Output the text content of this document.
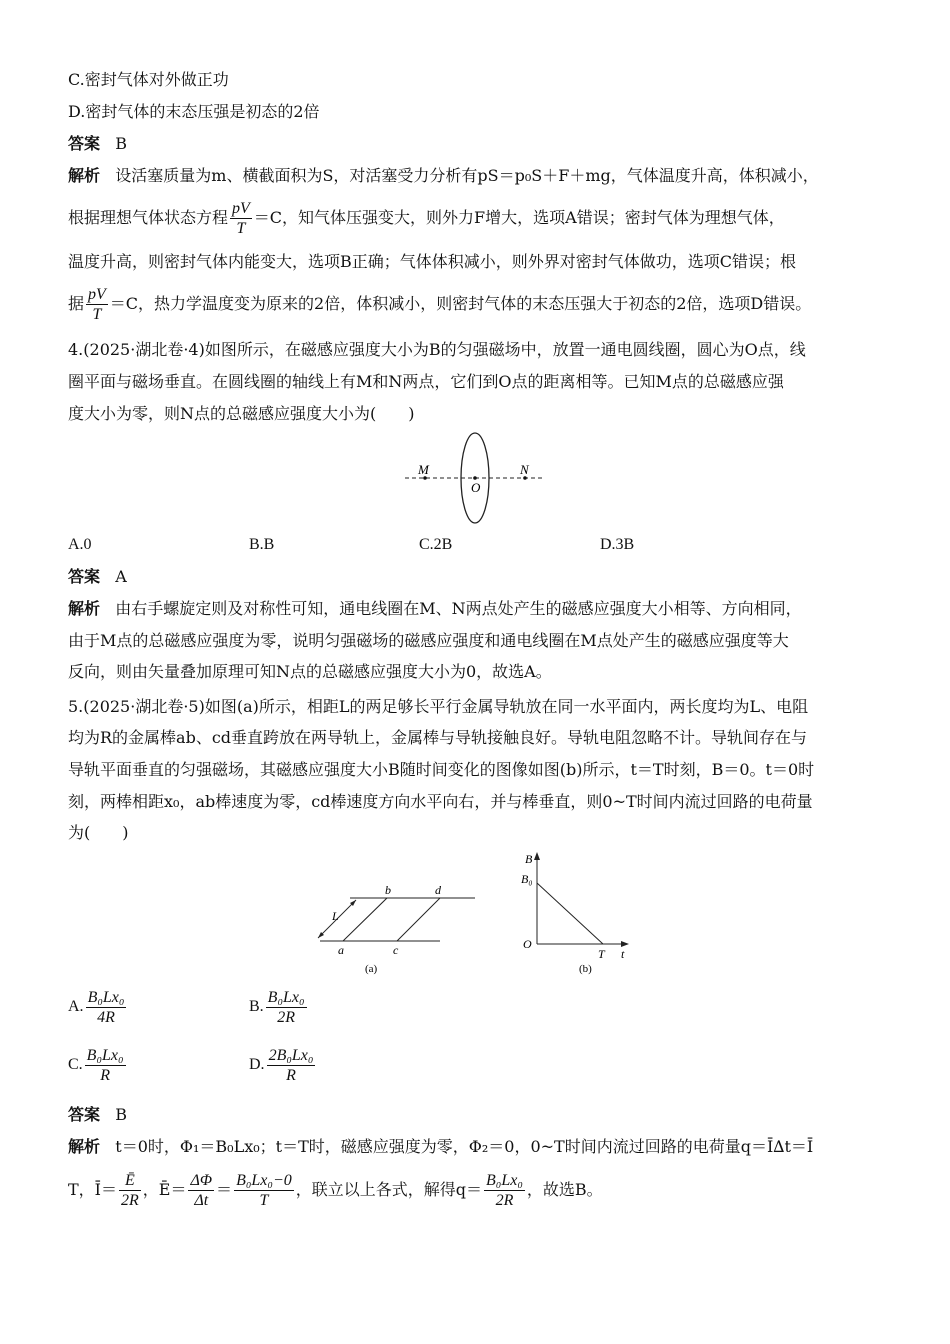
C.密封气体对外做正功
D.密封气体的末态压强是初态的2倍
答案 B
解析 设活塞质量为m、横截面积为S，对活塞受力分析有pS＝p₀S＋F＋mg，气体温度升高，体积减小，
根据理想气体状态方程 $\frac{pV}{T} =C$，知气体压强变大，则外力F增大，选项A错误；密封气体为理想气体，
温度升高，则密封气体内能变大，选项B正确；气体体积减小，则外界对密封气体做功，选项C错误；根
据 $\frac{pV}{T} =C$，热力学温度变为原来的2倍，体积减小，则密封气体的末态压强大于初态的2倍，选项D错误。
4.(2025·湖北卷·4)如图所示，在磁感应强度大小为B的匀强磁场中，放置一通电圆线圈，圆心为O点，线
圈平面与磁场垂直。在圆线圈的轴线上有M和N两点，它们到O点的距离相等。已知M点的总磁感应强
度大小为零，则N点的总磁感应强度大小为(　　)
M
O
N
A.0	B.B	C.2B	D.3B
答案 A
解析 由右手螺旋定则及对称性可知，通电线圈在M、N两点处产生的磁感应强度大小相等、方向相同，
由于M点的总磁感应强度为零，说明匀强磁场的磁感应强度和通电线圈在M点处产生的磁感应强度等大
反向，则由矢量叠加原理可知N点的总磁感应强度大小为0，故选A。
5.(2025·湖北卷·5)如图(a)所示，相距L的两足够长平行金属导轨放在同一水平面内，两长度均为L、电阻
均为R的金属棒ab、cd垂直跨放在两导轨上，金属棒与导轨接触良好。导轨电阻忽略不计。导轨间存在与
导轨平面垂直的匀强磁场，其磁感应强度大小B随时间变化的图像如图(b)所示，t＝T时刻，B＝0。t＝0时
刻，两棒相距x₀，ab棒速度为零，cd棒速度方向水平向右，并与棒垂直，则0~T时间内流过回路的电荷量
为(　　)
b	d
L
a	c
(a)
B
B₀
O
T t
(b)
A. $\frac{\text{B₀Lx₀}}{4R}$	B. $\frac{\text{B₀Lx₀}}{2R}$
C. $\frac{\text{B₀Lx₀}}{R}$	D. $\frac{\text{2B₀Lx₀}}{R}$
答案 B
解析 t＝0时，Φ₁＝B₀Lx₀；t＝T时，磁感应强度为零，Φ₂＝0，0~T时间内流过回路的电荷量q＝Ī∆t＝Ī
T，Ī＝ $\frac{Ē}{2R}$ ，Ē＝ $\frac{\Delta\Phi}{\Delta t} = \frac{\text{B₀Lx₀−0}}{T}$ ，联立以上各式，解得$q= \frac{\text{B₀Lx₀}}{2R}$ ，故选B。
